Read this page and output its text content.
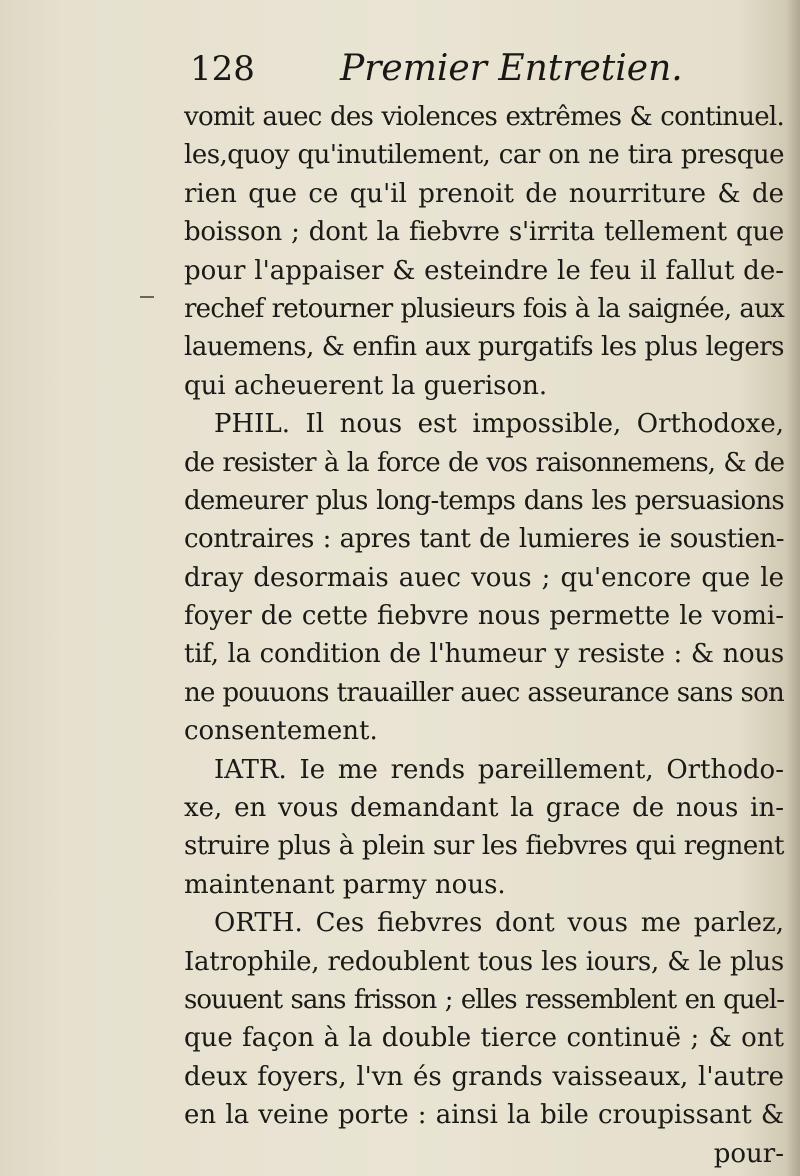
128 Premier Entretien.
vomit auec des violences extrêmes & continuel.
les,quoy qu'inutilement, car on ne tira presque
rien que ce qu'il prenoit de nourriture & de
boisson ; dont la fiebvre s'irrita tellement que
pour l'appaiser & esteindre le feu il fallut de-
rechef retourner plusieurs fois à la saignée, aux
lauemens, & enfin aux purgatifs les plus legers
qui acheuerent la guerison.
PHIL. Il nous est impossible, Orthodoxe,
de resister à la force de vos raisonnemens, & de
demeurer plus long-temps dans les persuasions
contraires : apres tant de lumieres ie soustien-
dray desormais auec vous ; qu'encore que le
foyer de cette fiebvre nous permette le vomi-
tif, la condition de l'humeur y resiste : & nous
ne pouuons trauailler auec asseurance sans son
consentement.
IATR. Ie me rends pareillement, Orthodo-
xe, en vous demandant la grace de nous in-
struire plus à plein sur les fiebvres qui regnent
maintenant parmy nous.
ORTH. Ces fiebvres dont vous me parlez,
Iatrophile, redoublent tous les iours, & le plus
souuent sans frisson ; elles ressemblent en quel-
que façon à la double tierce continuë ; & ont
deux foyers, l'vn és grands vaisseaux, l'autre
en la veine porte : ainsi la bile croupissant &
pour-
